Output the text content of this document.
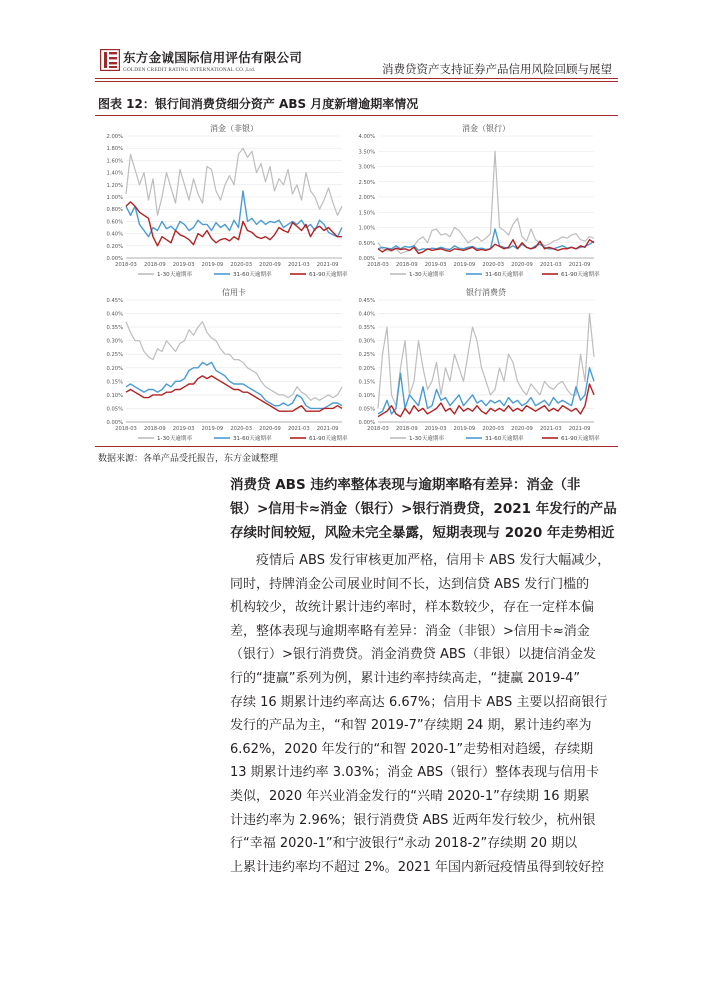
东方金诚国际信用评估有限公司
GOLDEN CREDIT RATING INTERNATIONAL CO.,Ltd.	消费贷资产支持证券产品信用风险回顾与展望
图表 12：银行间消费贷细分资产 ABS 月度新增逾期率情况
消金（非银）
0.00%
0.20%
0.40%
0.60%
0.80%
1.00%
1.20%
1.40%
1.60%
1.80%
2.00%
2018-03 2018-09 2019-03 2019-09 2020-03 2020-09 2021-03 2021-09
1-30天逾期率	31-60天逾期率	61-90天逾期率
消金（银行）
0.00%
0.50%
1.00%
1.50%
2.00%
2.50%
3.00%
3.50%
4.00%
2018-03 2018-09 2019-03 2019-09 2020-03 2020-09 2021-03 2021-09
1-30天逾期率	31-60天逾期率	61-90天逾期率
信用卡
0.00%
0.05%
0.10%
0.15%
0.20%
0.25%
0.30%
0.35%
0.40%
0.45%
2018-03 2018-09 2019-03 2019-09 2020-03 2020-09 2021-03 2021-09
1-30天逾期率	31-60天逾期率	61-90天逾期率
银行消费贷
0.00%
0.05%
0.10%
0.15%
0.20%
0.25%
0.30%
0.35%
0.40%
0.45%
2018-03 2018-09 2019-03 2019-09 2020-03 2020-09 2021-03 2021-09
1-30天逾期率	31-60天逾期率	61-90天逾期率
数据来源：各单产品受托报告，东方金诚整理
消费贷 ABS 违约率整体表现与逾期率略有差异：消金（非
银）>信用卡≈消金（银行）>银行消费贷，2021 年发行的产品
存续时间较短，风险未完全暴露，短期表现与 2020 年走势相近
疫情后 ABS 发行审核更加严格，信用卡 ABS 发行大幅减少，
同时，持牌消金公司展业时间不长，达到信贷 ABS 发行门槛的
机构较少，故统计累计违约率时，样本数较少，存在一定样本偏
差，整体表现与逾期率略有差异：消金（非银）>信用卡≈消金
（银行）>银行消费贷。消金消费贷 ABS（非银）以捷信消金发
行的“捷赢”系列为例，累计违约率持续高走，“捷赢 2019-4”
存续 16 期累计违约率高达 6.67%；信用卡 ABS 主要以招商银行
发行的产品为主，“和智 2019-7”存续期 24 期，累计违约率为
6.62%，2020 年发行的“和智 2020-1”走势相对趋缓，存续期
13 期累计违约率 3.03%；消金 ABS（银行）整体表现与信用卡
类似，2020 年兴业消金发行的“兴晴 2020-1”存续期 16 期累
计违约率为 2.96%；银行消费贷 ABS 近两年发行较少，杭州银
行“幸福 2020-1”和宁波银行“永动 2018-2”存续期 20 期以
上累计违约率均不超过 2%。2021 年国内新冠疫情虽得到较好控
